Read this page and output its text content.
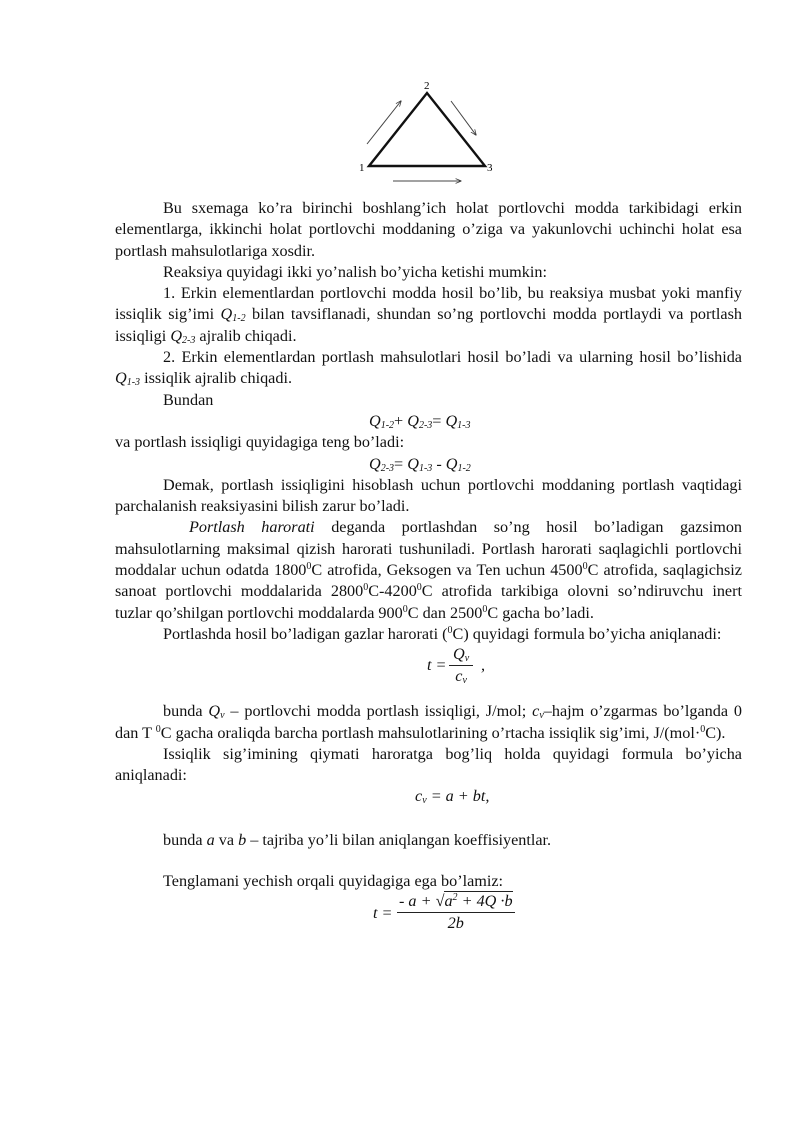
1
2
3

Bu sxemaga ko’ra birinchi boshlang’ich holat portlovchi modda tarkibidagi erkin elementlarga, ikkinchi holat portlovchi moddaning o’ziga va yakunlovchi uchinchi holat esa portlash mahsulotlariga xosdir.

Reaksiya quyidagi ikki yo’nalish bo’yicha ketishi mumkin:

1. Erkin elementlardan portlovchi modda hosil bo’lib, bu reaksiya musbat yoki manfiy issiqlik sig’imi $Q_{1-2}$ bilan tavsiflanadi, shundan so’ng portlovchi modda portlaydi va portlash issiqligi $Q_{2-3}$ ajralib chiqadi.

2. Erkin elementlardan portlash mahsulotlari hosil bo’ladi va ularning hosil bo’lishida $Q_{1-3}$ issiqlik ajralib chiqadi.

Bundan

$Q_{1-2}+ Q_{2-3}= Q_{1-3}$

va portlash issiqligi quyidagiga teng bo’ladi:

$Q_{2-3}= Q_{1-3} - Q_{1-2}$

Demak, portlash issiqligini hisoblash uchun portlovchi moddaning portlash vaqtidagi parchalanish reaksiyasini bilish zarur bo’ladi.

Portlash harorati deganda portlashdan so’ng hosil bo’ladigan gazsimon mahsulotlarning maksimal qizish harorati tushuniladi. Portlash harorati saqlagichli portlovchi moddalar uchun odatda 1800$^0$C atrofida, Geksogen va Ten uchun 4500$^0$C atrofida, saqlagichsiz sanoat portlovchi moddalarida 2800$^0$C-4200$^0$C atrofida tarkibiga olovni so’ndiruvchu inert tuzlar qo’shilgan portlovchi moddalarda $900^0C$ dan 2500$^0$C gacha bo’ladi.

Portlashda hosil bo’ladigan gazlar harorati ($^0$C) quyidagi formula bo’yicha aniqlanadi:

$t = \frac{Q_v}{c_v}$ ,

bunda $Q_v$ – portlovchi modda portlash issiqligi, J/mol; $c_v$–hajm o’zgarmas bo’lganda 0 dan T $^0$C gacha oraliqda barcha portlash mahsulotlarining o’rtacha issiqlik sig’imi, J/(mol·$^0$C).

Issiqlik sig’imining qiymati haroratga bog’liq holda quyidagi formula bo’yicha aniqlanadi:

$c_v = a$ + bt,

bunda a va b – tajriba yo’li bilan aniqlangan koeffisiyentlar.

Tenglamani yechish orqali quyidagiga ega bo’lamiz:

$t = \frac{- a + √a^2 + 4Q \cdot b}{2b}$
